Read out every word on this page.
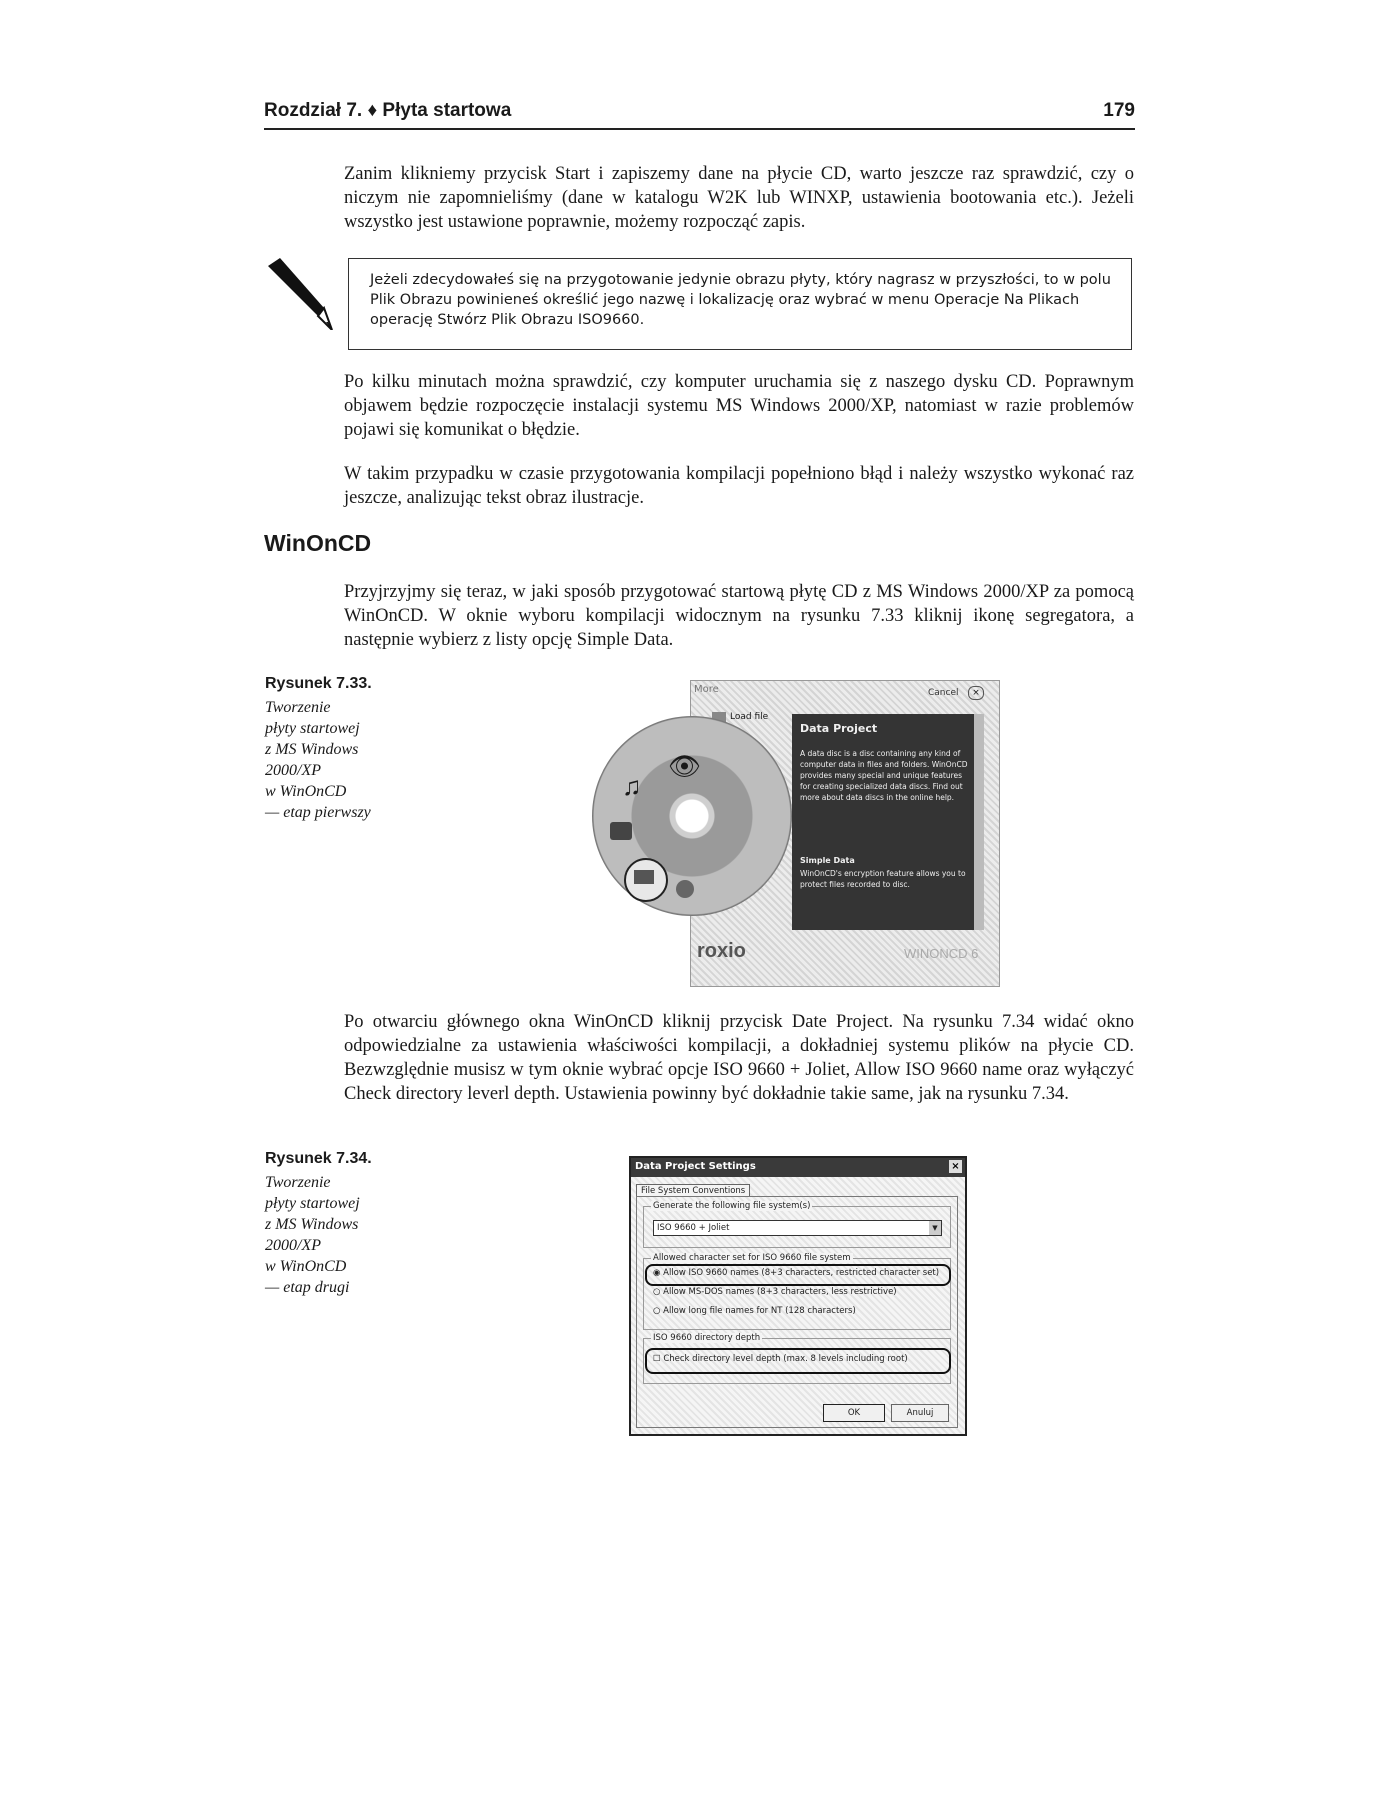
Rozdział 7. ♦ Płyta startowa	179
Zanim klikniemy przycisk Start i zapiszemy dane na płycie CD, warto jeszcze raz sprawdzić, czy o niczym nie zapomnieliśmy (dane w katalogu W2K lub WINXP, ustawienia bootowania etc.). Jeżeli wszystko jest ustawione poprawnie, możemy rozpocząć zapis.
Jeżeli zdecydowałeś się na przygotowanie jedynie obrazu płyty, który nagrasz w przyszłości, to w polu Plik Obrazu powinieneś określić jego nazwę i lokalizację oraz wybrać w menu Operacje Na Plikach operację Stwórz Plik Obrazu ISO9660.
Po kilku minutach można sprawdzić, czy komputer uruchamia się z naszego dysku CD. Poprawnym objawem będzie rozpoczęcie instalacji systemu MS Windows 2000/XP, natomiast w razie problemów pojawi się komunikat o błędzie.
W takim przypadku w czasie przygotowania kompilacji popełniono błąd i należy wszystko wykonać raz jeszcze, analizując tekst obraz ilustracje.
WinOnCD
Przyjrzyjmy się teraz, w jaki sposób przygotować startową płytę CD z MS Windows 2000/XP za pomocą WinOnCD. W oknie wyboru kompilacji widocznym na rysunku 7.33 kliknij ikonę segregatora, a następnie wybierz z listy opcję Simple Data.
Rysunek 7.33.
Tworzenie
płyty startowej
z MS Windows 2000/XP
w WinOnCD
— etap pierwszy
More	Cancel	×
Load file
👁
♫
Data Project
A data disc is a disc containing any kind of computer data in files and folders. WinOnCD provides many special and unique features for creating specialized data discs. Find out more about data discs in the online help.
Simple Data
WinOnCD's encryption feature allows you to protect files recorded to disc.
roxio	WINONCD 6
Po otwarciu głównego okna WinOnCD kliknij przycisk Date Project. Na rysunku 7.34 widać okno odpowiedzialne za ustawienia właściwości kompilacji, a dokładniej systemu plików na płycie CD. Bezwzględnie musisz w tym oknie wybrać opcje ISO 9660 + Joliet, Allow ISO 9660 name oraz wyłączyć Check directory leverl depth. Ustawienia powinny być dokładnie takie same, jak na rysunku 7.34.
Rysunek 7.34.
Tworzenie
płyty startowej
z MS Windows 2000/XP
w WinOnCD
— etap drugi
Data Project Settings	×
File System Conventions
Generate the following file system(s)
ISO 9660 + Joliet	▼
Allowed character set for ISO 9660 file system
◉ Allow ISO 9660 names (8+3 characters, restricted character set)
○ Allow MS-DOS names (8+3 characters, less restrictive)
○ Allow long file names for NT (128 characters)
ISO 9660 directory depth
☐ Check directory level depth (max. 8 levels including root)
OK	Anuluj
